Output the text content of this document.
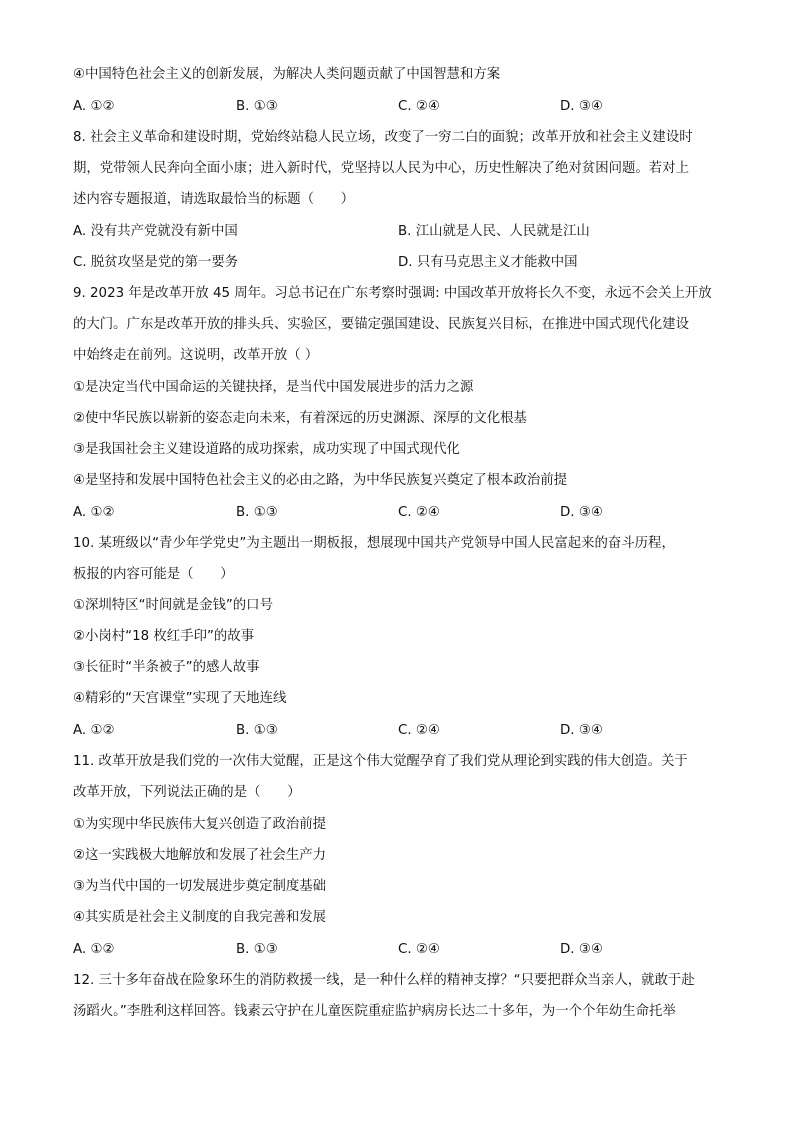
④中国特色社会主义的创新发展，为解决人类问题贡献了中国智慧和方案
A. ①②	B. ①③	C. ②④	D. ③④
8. 社会主义革命和建设时期，党始终站稳人民立场，改变了一穷二白的面貌；改革开放和社会主义建设时
期，党带领人民奔向全面小康；进入新时代，党坚持以人民为中心，历史性解决了绝对贫困问题。若对上
述内容专题报道，请选取最恰当的标题（　　）
A. 没有共产党就没有新中国	B. 江山就是人民、人民就是江山
C. 脱贫攻坚是党的第一要务	D. 只有马克思主义才能救中国
9. 2023 年是改革开放 45 周年。习总书记在广东考察时强调: 中国改革开放将长久不变，永远不会关上开放
的大门。广东是改革开放的排头兵、实验区，要锚定强国建设、民族复兴目标，在推进中国式现代化建设
中始终走在前列。这说明，改革开放（ ）
①是决定当代中国命运的关键抉择，是当代中国发展进步的活力之源
②使中华民族以崭新的姿态走向未来，有着深远的历史渊源、深厚的文化根基
③是我国社会主义建设道路的成功探索，成功实现了中国式现代化
④是坚持和发展中国特色社会主义的必由之路，为中华民族复兴奠定了根本政治前提
A. ①②	B. ①③	C. ②④	D. ③④
10. 某班级以“青少年学党史”为主题出一期板报，想展现中国共产党领导中国人民富起来的奋斗历程，
板报的内容可能是（　　）
①深圳特区“时间就是金钱”的口号
②小岗村“18 枚红手印”的故事
③长征时“半条被子”的感人故事
④精彩的“天宫课堂”实现了天地连线
A. ①②	B. ①③	C. ②④	D. ③④
11. 改革开放是我们党的一次伟大觉醒，正是这个伟大觉醒孕育了我们党从理论到实践的伟大创造。关于
改革开放，下列说法正确的是（　　）
①为实现中华民族伟大复兴创造了政治前提
②这一实践极大地解放和发展了社会生产力
③为当代中国的一切发展进步奠定制度基础
④其实质是社会主义制度的自我完善和发展
A. ①②	B. ①③	C. ②④	D. ③④
12. 三十多年奋战在险象环生的消防救援一线，是一种什么样的精神支撑？“只要把群众当亲人，就敢于赴
汤蹈火。”李胜利这样回答。钱素云守护在儿童医院重症监护病房长达二十多年，为一个个年幼生命托举
